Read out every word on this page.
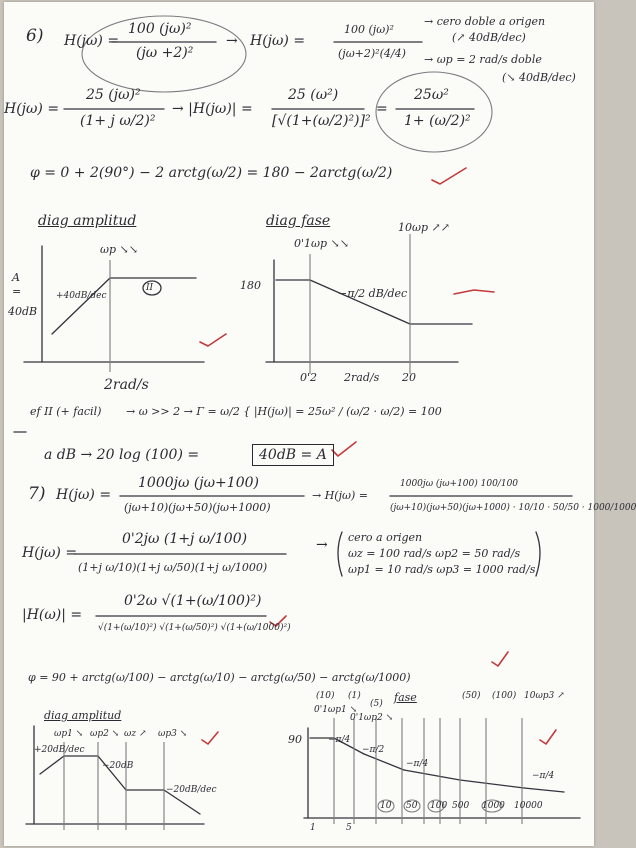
6) H(jω) =
100 (jω)²
(jω +2)²
→ H(jω) =
100 (jω)²
(jω+2)²(4/4)
→ cero doble a origen
(↗ 40dB/dec)
→ ωp = 2 rad/s doble
(↘ 40dB/dec)
H(jω) =
25 (jω)²
(1+ j ω/2)²
→ |H(jω)| =
25 (ω²)
[√(1+(ω/2)²)]²
=
25ω²
1+ (ω/2)²
φ = 0 + 2(90°) − 2 arctg(ω/2) = 180 − 2arctg(ω/2)
diag amplitud
ωp ↘↘
A
=
40dB
+40dB/dec
II
2rad/s
diag fase
0'1ωp ↘↘
10ωp ↗↗
180
−π/2 dB/dec
0'2 2rad/s 20
ef II (+ facil) → ω >> 2 → Γ = ω/2 { |H(jω)| = 25ω² / (ω/2 · ω/2) = 100
a dB → 20 log (100) =	40dB = A
7) H(jω) =
1000jω (jω+100)
(jω+10)(jω+50)(jω+1000)
→ H(jω) =
1000jω (jω+100) 100/100
(jω+10)(jω+50)(jω+1000) · 10/10 · 50/50 · 1000/1000
H(jω) =
0'2jω (1+j ω/100)
(1+j ω/10)(1+j ω/50)(1+j ω/1000)
→ cero a origen
ωz = 100 rad/s ωp2 = 50 rad/s
ωp1 = 10 rad/s ωp3 = 1000 rad/s
|H(ω)| =
0'2ω √(1+(ω/100)²)
√(1+(ω/10)²) √(1+(ω/50)²) √(1+(ω/1000)²)
φ = 90 + arctg(ω/100) − arctg(ω/10) − arctg(ω/50) − arctg(ω/1000)
diag amplitud
ωp1 ↘ ωp2 ↘ ωz ↗ ωp3 ↘
+20dB/dec
−20dB
−20dB/dec
fase
(10) (1)
(5)
(50) (100)
0'1ωp1 ↘
0'1ωp2 ↘
10ωp3 ↗
90	−π/4
−π/2
−π/4
−π/4
1	5
10 50 100 500 1000 10000
